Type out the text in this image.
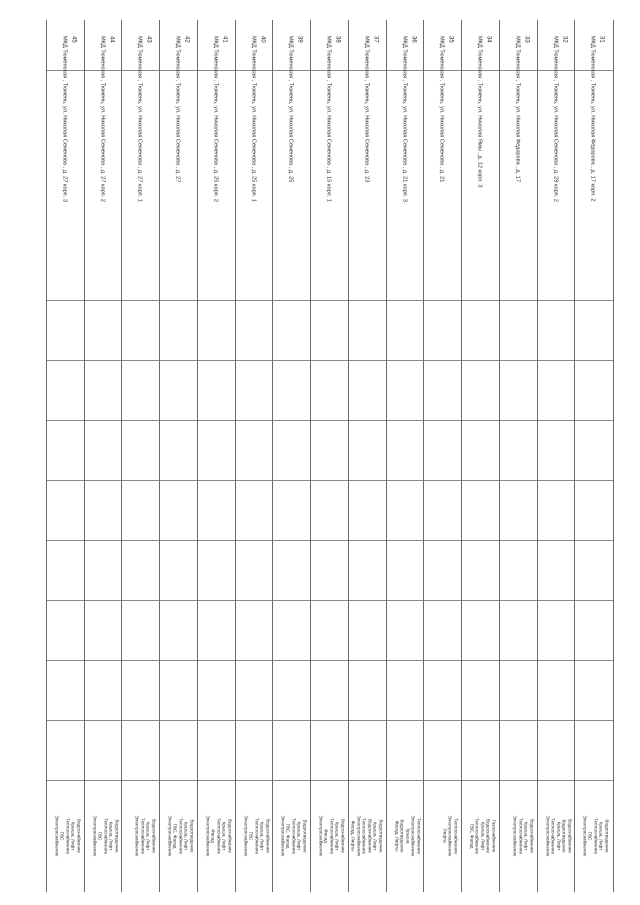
45
МКД Тюменская , Тюмень, ул. Николая Семенова , д. 27 корп. 3
Водоснабжение
Крыша, Лифт
Теплоснабжение
ГВС
Электроснабжение
44
МКД Тюменская , Тюмень, ул. Николая Семенова , д. 27 корп. 2
Водоотведение
Крыша, Лифт
Теплоснабжение
ГВС
Электроснабжение
43
МКД Тюменская , Тюмень, ул. Николая Семенова , д. 27 корп. 1
Водоснабжение
Крыша, Лифт
Теплоснабжение
Электроснабжение
42
МКД Тюменская , Тюмень, ул. Николая Семенова , д. 27
Водоотведение
Крыша, Лифт
Теплоснабжение
ГВС, Фасад
Электроснабжение
41
МКД Тюменская , Тюмень, ул. Николая Семенова , д. 25 корп. 2
Водоснабжение
Крыша, Лифт
Теплоснабжение
Фасад
Электроснабжение
40
МКД Тюменская , Тюмень, ул. Николая Семенова , д. 25 корп. 1
Водоснабжение
Крыша, Лифт
Теплоснабжение
ГВС
Электроснабжение
39
МКД Тюменская , Тюмень, ул. Николая Семенова , д. 25
Водоотведение
Крыша, Лифт
Теплоснабжение
ГВС, Фасад
Электроснабжение
38
МКД Тюменская , Тюмень, ул. Николая Семенова , д. 15 корп. 1
Водоснабжение
Крыша, Лифт
Теплоснабжение
Фасад
Электроснабжение
37
МКД Тюменская , Тюмень, ул. Николая Семенова , д. 23
Водоотведение
Крыша, Лифт
Водоснабжение
Теплоснабжение
Электроснабжение
Фасад, Лифты
36
МКД Тюменская , Тюмень, ул. Николая Семенова , д. 21 корп. 3
Теплоснабжение
Электроснабжение
Крыша
Водоотведение
Фасад, Лифты
35
МКД Тюменская , Тюмень, ул. Николая Семенова , д. 21
Теплоснабжение
Электроснабжение
Лифты
34
МКД Тюменская , Тюмень, ул. Николая Ямы , д. 12 корп. 3
Газоснабжение
Водоснабжение
Крыша, Лифт
Теплоснабжение
ГВС, Фасад
33
МКД Тюменская , Тюмень, ул. Николая Федорова , д. 17
Водоснабжение
Крыша, Лифт
Теплоснабжение
Электроснабжение
32
МКД Тюменская , Тюмень, ул. Николая Семенова , д. 29 корп. 2
Водоснабжение
Водоотведение
Крыша, Лифт
Теплоснабжение
Электроснабжение
31
МКД Тюменская , Тюмень, ул. Николая Федорова , д. 17 корп. 2
Водоотведение
Крыша, Лифт
Теплоснабжение
ГВС
Электроснабжение
